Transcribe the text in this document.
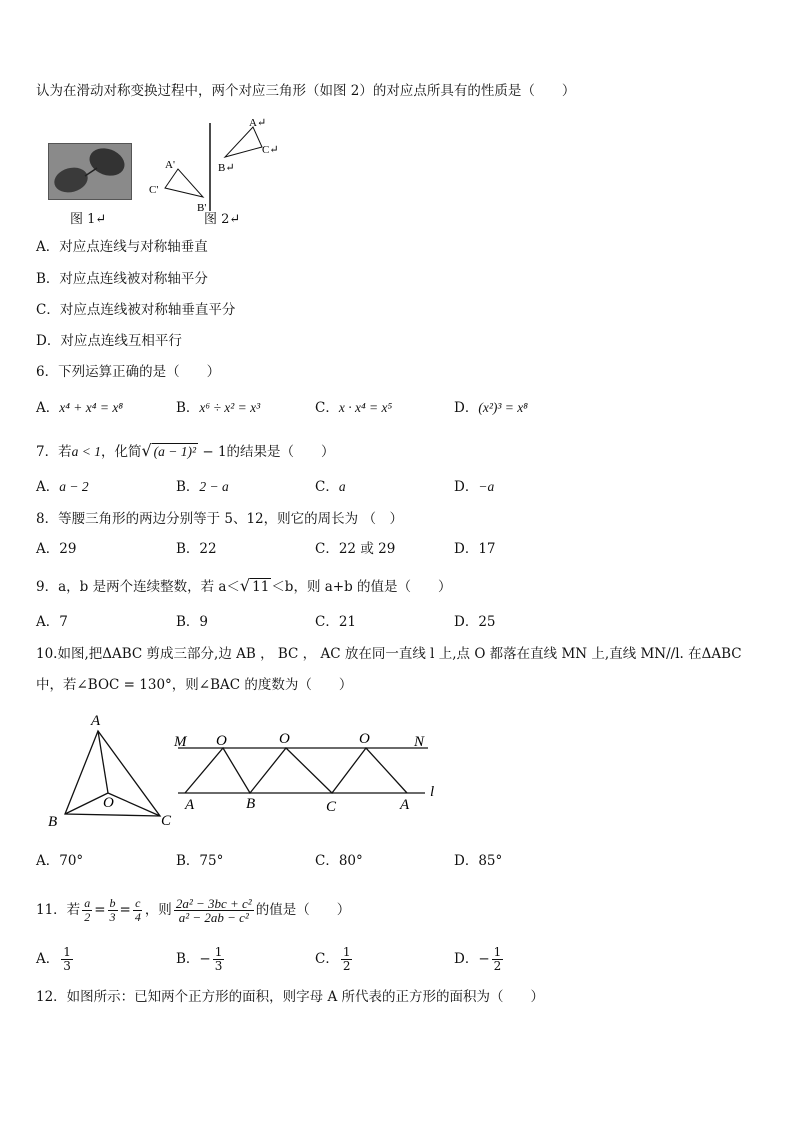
认为在滑动对称变换过程中，两个对应三角形（如图 2）的对应点所具有的性质是（　　）
图 1↵
A'
C'
B'
A↵
C↵
B↵
图 2↵
A．对应点连线与对称轴垂直
B．对应点连线被对称轴平分
C．对应点连线被对称轴垂直平分
D．对应点连线互相平行
6．下列运算正确的是（　　）
A．x⁴ + x⁴ = x⁸	B．x⁶ ÷ x² = x³	C．x · x⁴ = x⁵	D．(x²)³ = x⁸
7．若a < 1，化简√ (a − 1)² − 1的结果是（　　）
A．a − 2	B．2 − a	C．a	D．−a
8．等腰三角形的两边分别等于 5、12，则它的周长为 （　）
A．29	B．22	C．22 或 29	D．17
9．a，b 是两个连续整数，若 a＜√ 11 ＜b，则 a+b 的值是（　　）
A．7	B．9	C．21	D．25
10.如图,把ΔABC 剪成三部分,边 AB ， BC ， AC 放在同一直线 l 上,点 O 都落在直线 MN 上,直线 MN//l. 在ΔABC
中，若∠BOC = 130°，则∠BAC 的度数为（　　）
A
B	C
O
M	N
l
O	O	O
A	B	C	A
A．70°	B．75°	C．80°	D．85°
11．若 $\frac{a}{2} = \frac{b}{3} = \frac{c}{4}$ ，则 $\frac{\text{2a² − 3bc + c²}}{\text{a² − 2ab − c²}}$ 的值是（　　）
A． $\frac{1}{3}$	B． − $\frac{1}{3}$	C． $\frac{1}{2}$	D． − $\frac{1}{2}$
12．如图所示：已知两个正方形的面积，则字母 A 所代表的正方形的面积为（　　）
